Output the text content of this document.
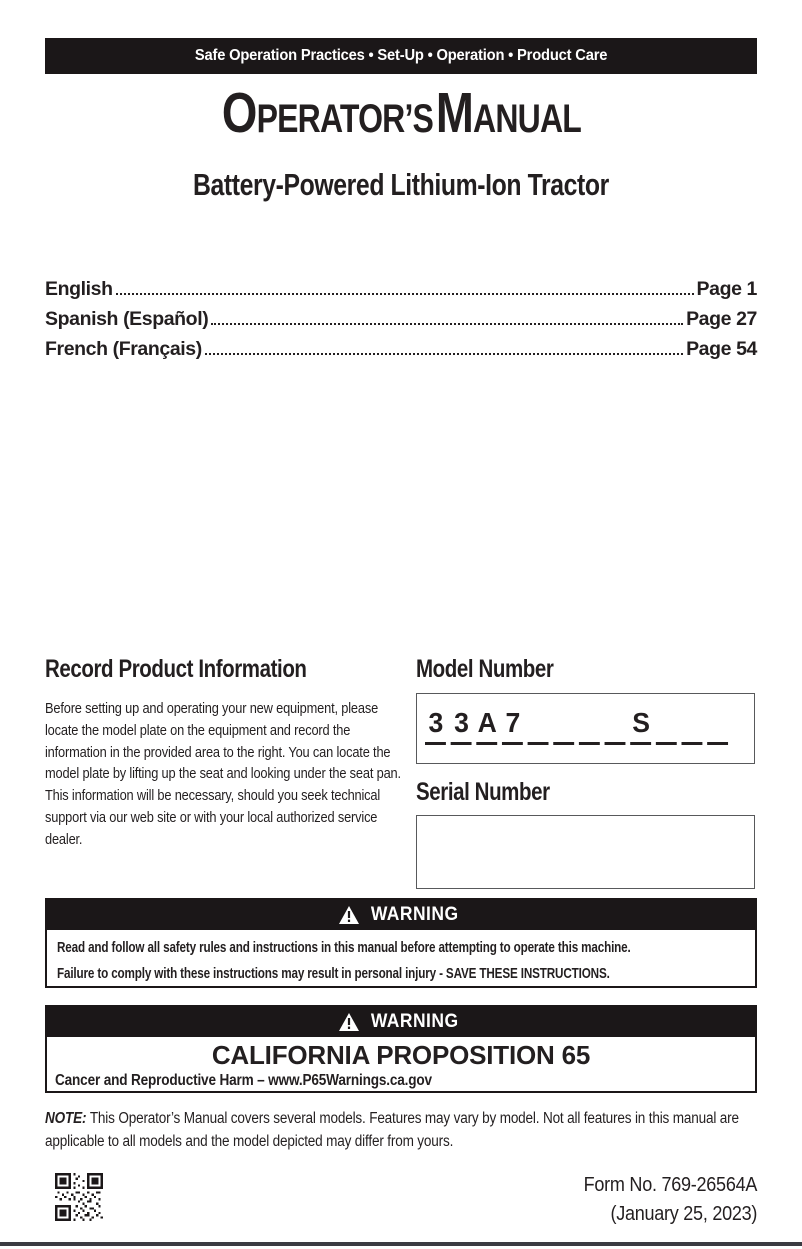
Safe Operation Practices • Set-Up • Operation • Product Care
OPERATOR’S MANUAL
Battery-Powered Lithium-Ion Tractor
English	Page 1
Spanish (Español)	Page 27
French (Français)	Page 54
Record Product Information

Before setting up and operating your new equipment, please locate the model plate on the equipment and record the information in the provided area to the right. You can locate the model plate by lifting up the seat and looking under the seat pan. This information will be necessary, should you seek technical support via our web site or with your local authorized service dealer.

Model Number
3 3 A 7	S
Serial Number
WARNING
Read and follow all safety rules and instructions in this manual before attempting to operate this machine.
Failure to comply with these instructions may result in personal injury - SAVE THESE INSTRUCTIONS.
WARNING
CALIFORNIA PROPOSITION 65
Cancer and Reproductive Harm – www.P65Warnings.ca.gov
NOTE: This Operator’s Manual covers several models. Features may vary by model. Not all features in this manual are applicable to all models and the model depicted may differ from yours.
Form No. 769-26564A
(January 25, 2023)
